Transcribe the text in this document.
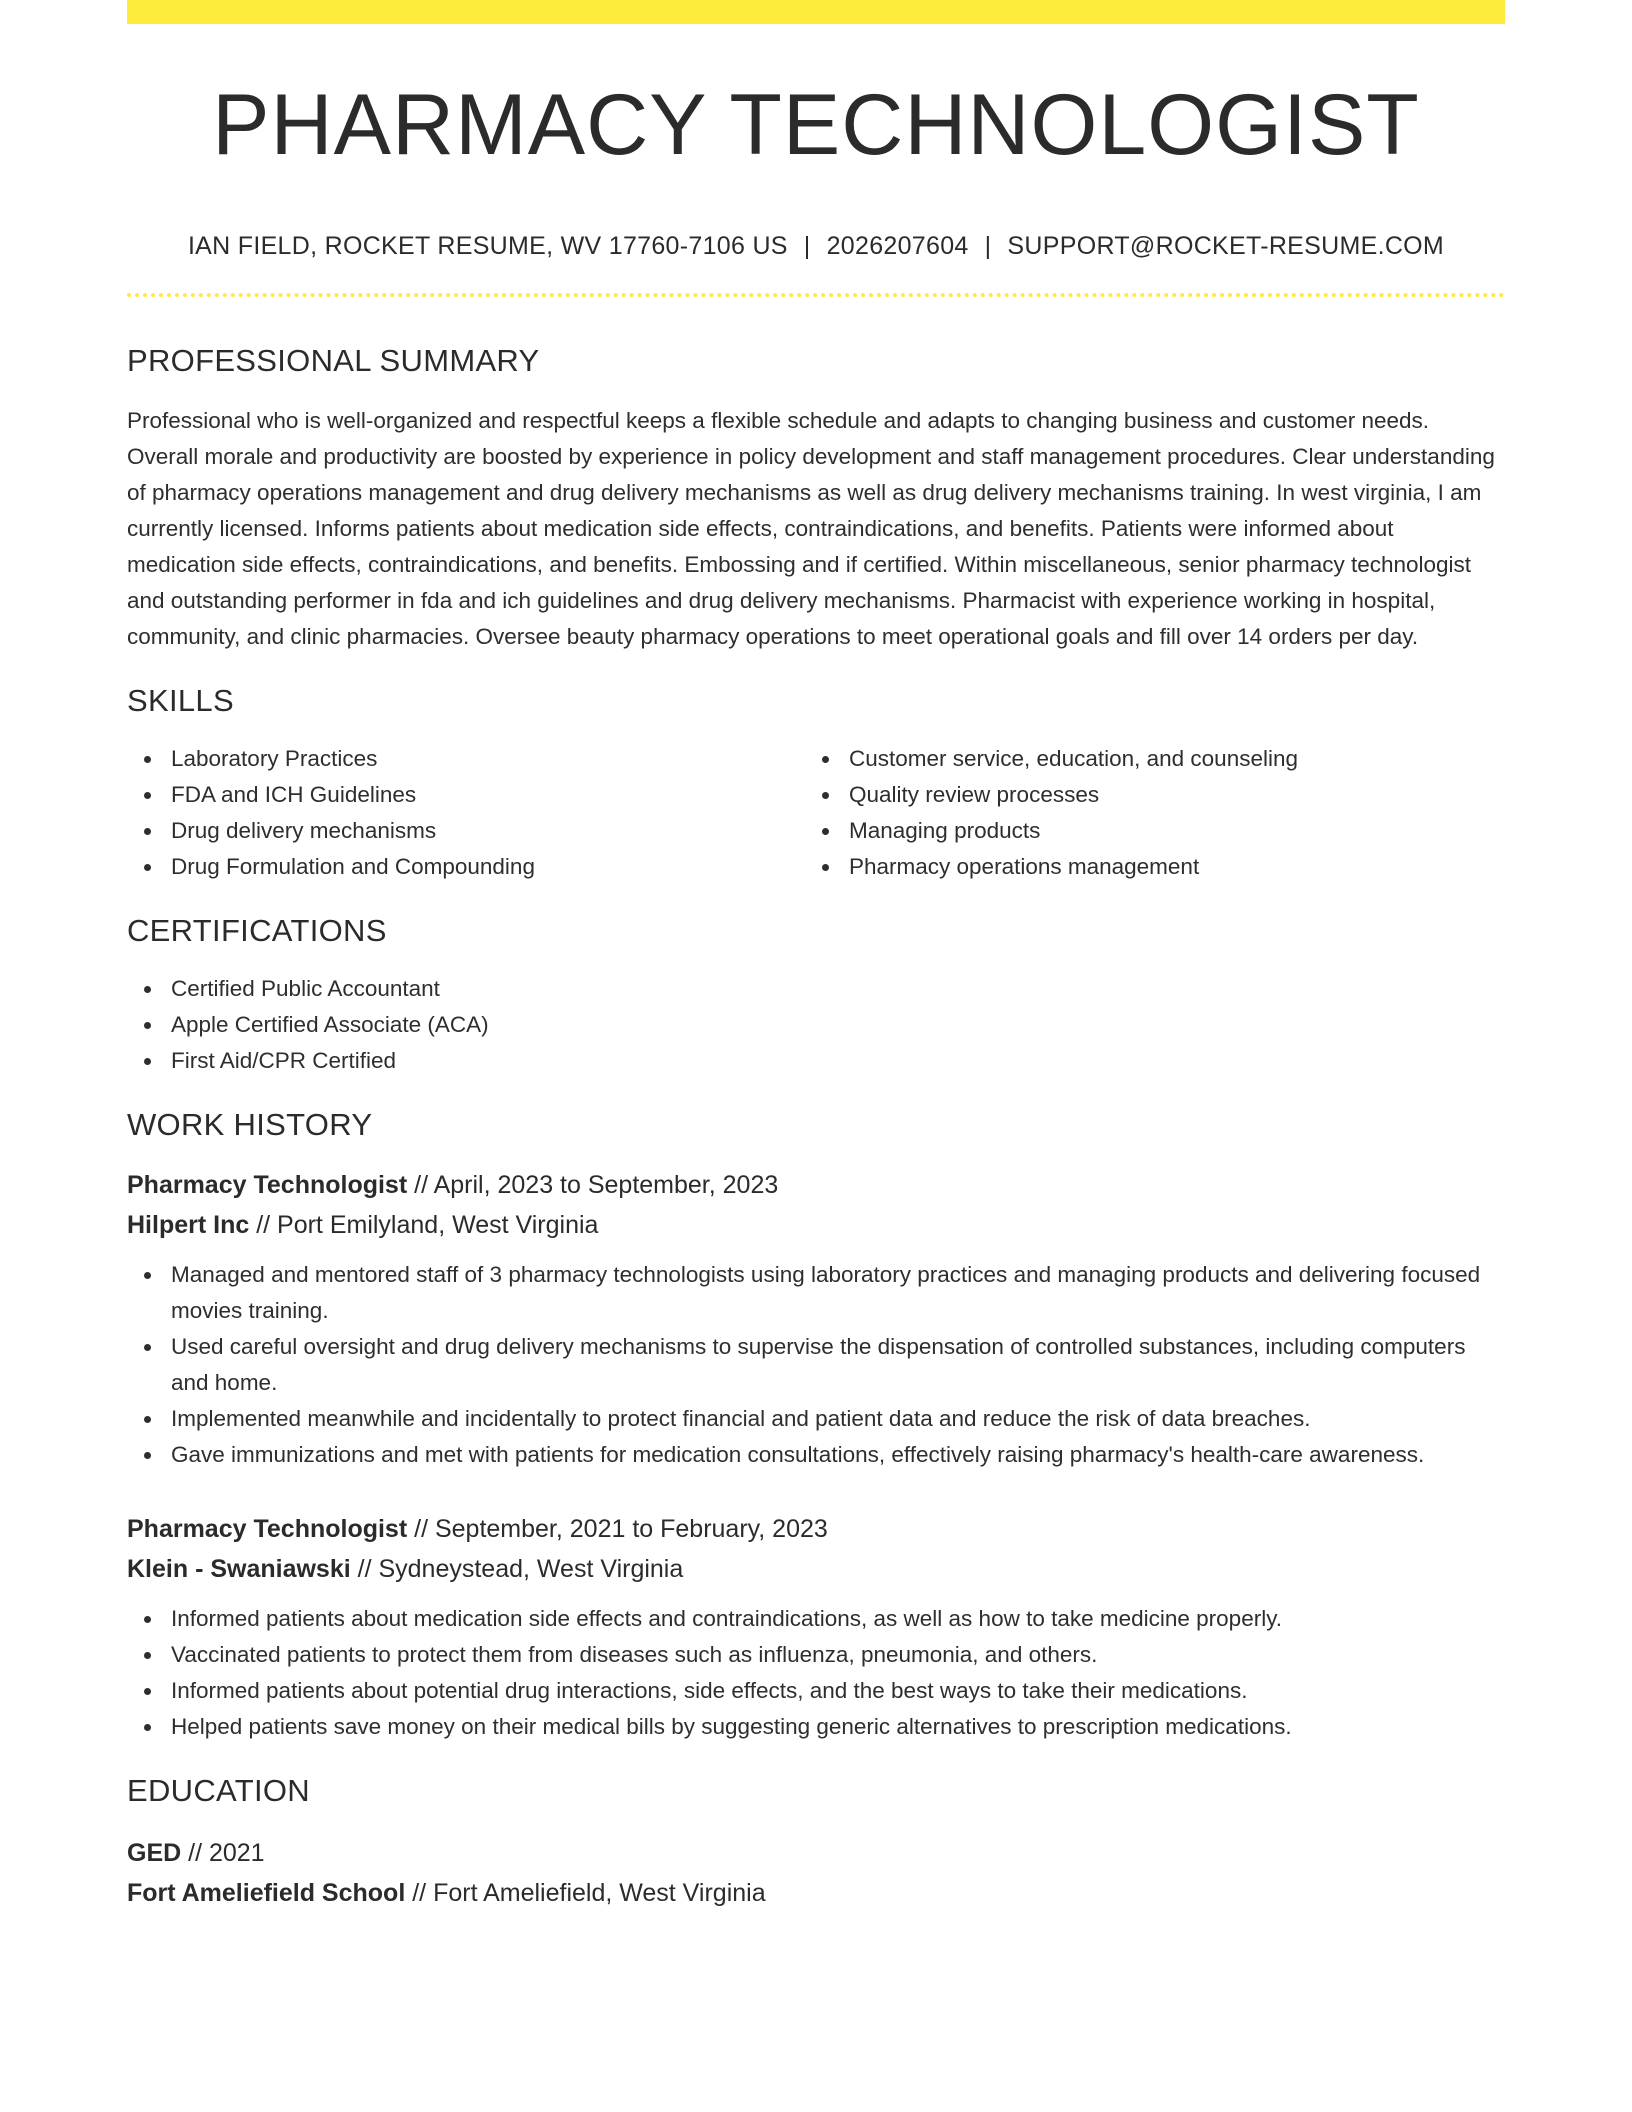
PHARMACY TECHNOLOGIST
IAN FIELD, ROCKET RESUME, WV 17760-7106 US | 2026207604 | SUPPORT@ROCKET-RESUME.COM
PROFESSIONAL SUMMARY
Professional who is well-organized and respectful keeps a flexible schedule and adapts to changing business and customer needs. Overall morale and productivity are boosted by experience in policy development and staff management procedures. Clear understanding of pharmacy operations management and drug delivery mechanisms as well as drug delivery mechanisms training. In west virginia, I am currently licensed. Informs patients about medication side effects, contraindications, and benefits. Patients were informed about medication side effects, contraindications, and benefits. Embossing and if certified. Within miscellaneous, senior pharmacy technologist and outstanding performer in fda and ich guidelines and drug delivery mechanisms. Pharmacist with experience working in hospital, community, and clinic pharmacies. Oversee beauty pharmacy operations to meet operational goals and fill over 14 orders per day.
SKILLS
Laboratory Practices
FDA and ICH Guidelines
Drug delivery mechanisms
Drug Formulation and Compounding
Customer service, education, and counseling
Quality review processes
Managing products
Pharmacy operations management
CERTIFICATIONS
Certified Public Accountant
Apple Certified Associate (ACA)
First Aid/CPR Certified
WORK HISTORY
Pharmacy Technologist // April, 2023 to September, 2023
Hilpert Inc // Port Emilyland, West Virginia
Managed and mentored staff of 3 pharmacy technologists using laboratory practices and managing products and delivering focused movies training.
Used careful oversight and drug delivery mechanisms to supervise the dispensation of controlled substances, including computers and home.
Implemented meanwhile and incidentally to protect financial and patient data and reduce the risk of data breaches.
Gave immunizations and met with patients for medication consultations, effectively raising pharmacy's health-care awareness.
Pharmacy Technologist // September, 2021 to February, 2023
Klein - Swaniawski // Sydneystead, West Virginia
Informed patients about medication side effects and contraindications, as well as how to take medicine properly.
Vaccinated patients to protect them from diseases such as influenza, pneumonia, and others.
Informed patients about potential drug interactions, side effects, and the best ways to take their medications.
Helped patients save money on their medical bills by suggesting generic alternatives to prescription medications.
EDUCATION
GED // 2021
Fort Ameliefield School // Fort Ameliefield, West Virginia
